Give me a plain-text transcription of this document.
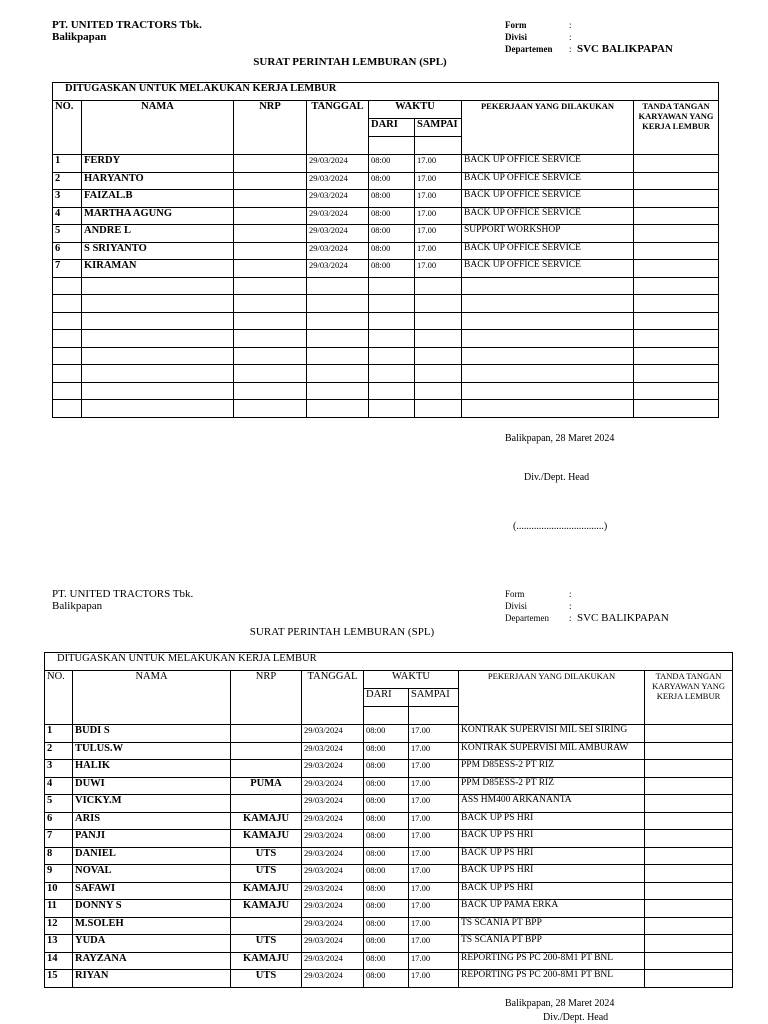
PT. UNITED TRACTORS Tbk.
Balikpapan
Form	:
Divisi	:
Departemen	: SVC BALIKPAPAN
SURAT PERINTAH LEMBURAN (SPL)
DITUGASKAN UNTUK MELAKUKAN KERJA LEMBUR							
NO.	NAMA	NRP	TANGGAL	WAKTU		PEKERJAAN YANG DILAKUKAN	TANDA TANGAN KARYAWAN YANG KERJA LEMBUR
				DARI	SAMPAI		

1	FERDY		29/03/2024	08:00	17.00	BACK UP OFFICE SERVICE	
2	HARYANTO		29/03/2024	08:00	17.00	BACK UP OFFICE SERVICE	
3	FAIZAL.B		29/03/2024	08:00	17.00	BACK UP OFFICE SERVICE	
4	MARTHA AGUNG		29/03/2024	08:00	17.00	BACK UP OFFICE SERVICE	
5	ANDRE L		29/03/2024	08:00	17.00	SUPPORT WORKSHOP	
6	S SRIYANTO		29/03/2024	08:00	17.00	BACK UP OFFICE SERVICE	
7	KIRAMAN		29/03/2024	08:00	17.00	BACK UP OFFICE SERVICE	

Balikpapan, 28 Maret 2024
Div./Dept. Head
(...................................)
PT. UNITED TRACTORS Tbk.
Balikpapan
Form	:
Divisi	:
Departemen	: SVC BALIKPAPAN
SURAT PERINTAH LEMBURAN (SPL)
DITUGASKAN UNTUK MELAKUKAN KERJA LEMBUR							
NO.	NAMA	NRP	TANGGAL	WAKTU		PEKERJAAN YANG DILAKUKAN	TANDA TANGAN KARYAWAN YANG KERJA LEMBUR
				DARI	SAMPAI		

1	BUDI S		29/03/2024	08:00	17.00	KONTRAK SUPERVISI MIL SEI SIRING	
2	TULUS.W		29/03/2024	08:00	17.00	KONTRAK SUPERVISI MIL AMBURAW	
3	HALIK		29/03/2024	08:00	17.00	PPM D85ESS-2 PT RIZ	
4	DUWI	PUMA	29/03/2024	08:00	17.00	PPM D85ESS-2 PT RIZ	
5	VICKY.M		29/03/2024	08:00	17.00	ASS HM400 ARKANANTA	
6	ARIS	KAMAJU	29/03/2024	08:00	17.00	BACK UP PS HRI	
7	PANJI	KAMAJU	29/03/2024	08:00	17.00	BACK UP PS HRI	
8	DANIEL	UTS	29/03/2024	08:00	17.00	BACK UP PS HRI	
9	NOVAL	UTS	29/03/2024	08:00	17.00	BACK UP PS HRI	
10	SAFAWI	KAMAJU	29/03/2024	08:00	17.00	BACK UP PS HRI	
11	DONNY S	KAMAJU	29/03/2024	08:00	17.00	BACK UP PAMA ERKA	
12	M.SOLEH		29/03/2024	08:00	17.00	TS SCANIA PT BPP	
13	YUDA	UTS	29/03/2024	08:00	17.00	TS SCANIA PT BPP	
14	RAYZANA	KAMAJU	29/03/2024	08:00	17.00	REPORTING PS PC 200-8M1 PT BNL	
15	RIYAN	UTS	29/03/2024	08:00	17.00	REPORTING PS PC 200-8M1 PT BNL	
Balikpapan, 28 Maret 2024
Div./Dept. Head
